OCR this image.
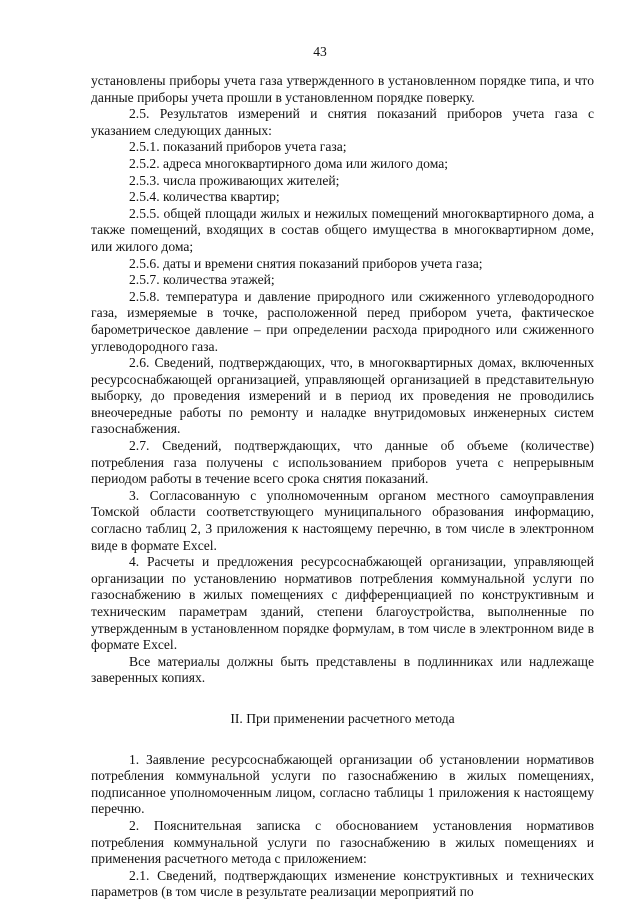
43

установлены приборы учета газа утвержденного в установленном порядке типа, и что данные приборы учета прошли в установленном порядке поверку.

2.5. Результатов измерений и снятия показаний приборов учета газа с указанием следующих данных:

2.5.1. показаний приборов учета газа;

2.5.2. адреса многоквартирного дома или жилого дома;

2.5.3. числа проживающих жителей;

2.5.4. количества квартир;

2.5.5. общей площади жилых и нежилых помещений многоквартирного дома, а также помещений, входящих в состав общего имущества в многоквартирном доме, или жилого дома;

2.5.6. даты и времени снятия показаний приборов учета газа;

2.5.7. количества этажей;

2.5.8. температура и давление природного или сжиженного углеводородного газа, измеряемые в точке, расположенной перед прибором учета, фактическое барометрическое давление – при определении расхода природного или сжиженного углеводородного газа.

2.6. Сведений, подтверждающих, что, в многоквартирных домах, включенных ресурсоснабжающей организацией, управляющей организацией в представительную выборку, до проведения измерений и в период их проведения не проводились внеочередные работы по ремонту и наладке внутридомовых инженерных систем газоснабжения.

2.7. Сведений, подтверждающих, что данные об объеме (количестве) потребления газа получены с использованием приборов учета с непрерывным периодом работы в течение всего срока снятия показаний.

3. Согласованную с уполномоченным органом местного самоуправления Томской области соответствующего муниципального образования информацию, согласно таблиц 2, 3 приложения к настоящему перечню, в том числе в электронном виде в формате Excel.

4. Расчеты и предложения ресурсоснабжающей организации, управляющей организации по установлению нормативов потребления коммунальной услуги по газоснабжению в жилых помещениях с дифференциацией по конструктивным и техническим параметрам зданий, степени благоустройства, выполненные по утвержденным в установленном порядке формулам, в том числе в электронном виде в формате Excel.

Все материалы должны быть представлены в подлинниках или надлежаще заверенных копиях.

II. При применении расчетного метода

1. Заявление ресурсоснабжающей организации об установлении нормативов потребления коммунальной услуги по газоснабжению в жилых помещениях, подписанное уполномоченным лицом, согласно таблицы 1 приложения к настоящему перечню.

2. Пояснительная записка с обоснованием установления нормативов потребления коммунальной услуги по газоснабжению в жилых помещениях и применения расчетного метода с приложением:

2.1. Сведений, подтверждающих изменение конструктивных и технических параметров (в том числе в результате реализации мероприятий по
